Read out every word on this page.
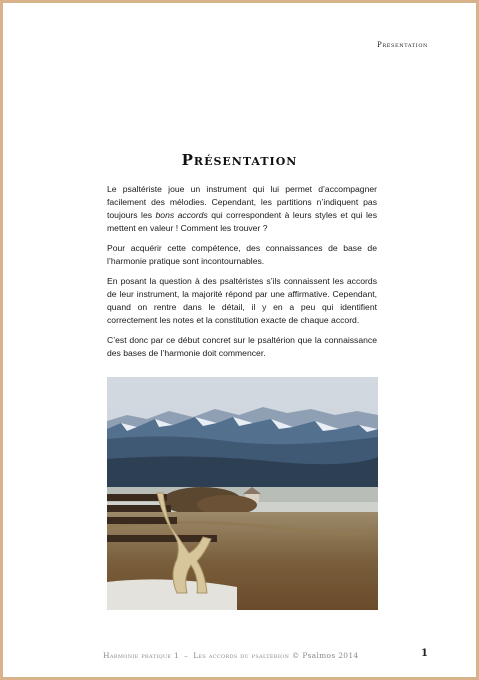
Présentation
Présentation

Le psaltériste joue un instrument qui lui permet d’accompagner facilement des mélodies. Cependant, les partitions n’indiquent pas toujours les bons accords qui correspondent à leurs styles et qui les mettent en valeur ! Comment les trouver ?

Pour acquérir cette compétence, des connaissances de base de l’harmonie pratique sont incontournables.

En posant la question à des psaltéristes s’ils connaissent les accords de leur instrument, la majorité répond par une affirmative. Cependant, quand on rentre dans le détail, il y en a peu qui identifient correctement les notes et la constitution exacte de chaque accord.

C’est donc par ce début concret sur le psaltérion que la connaissance des bases de l’harmonie doit commencer.

Harmonie pratique 1 – Les accords du psaltérion © Psalmos 2014	1
